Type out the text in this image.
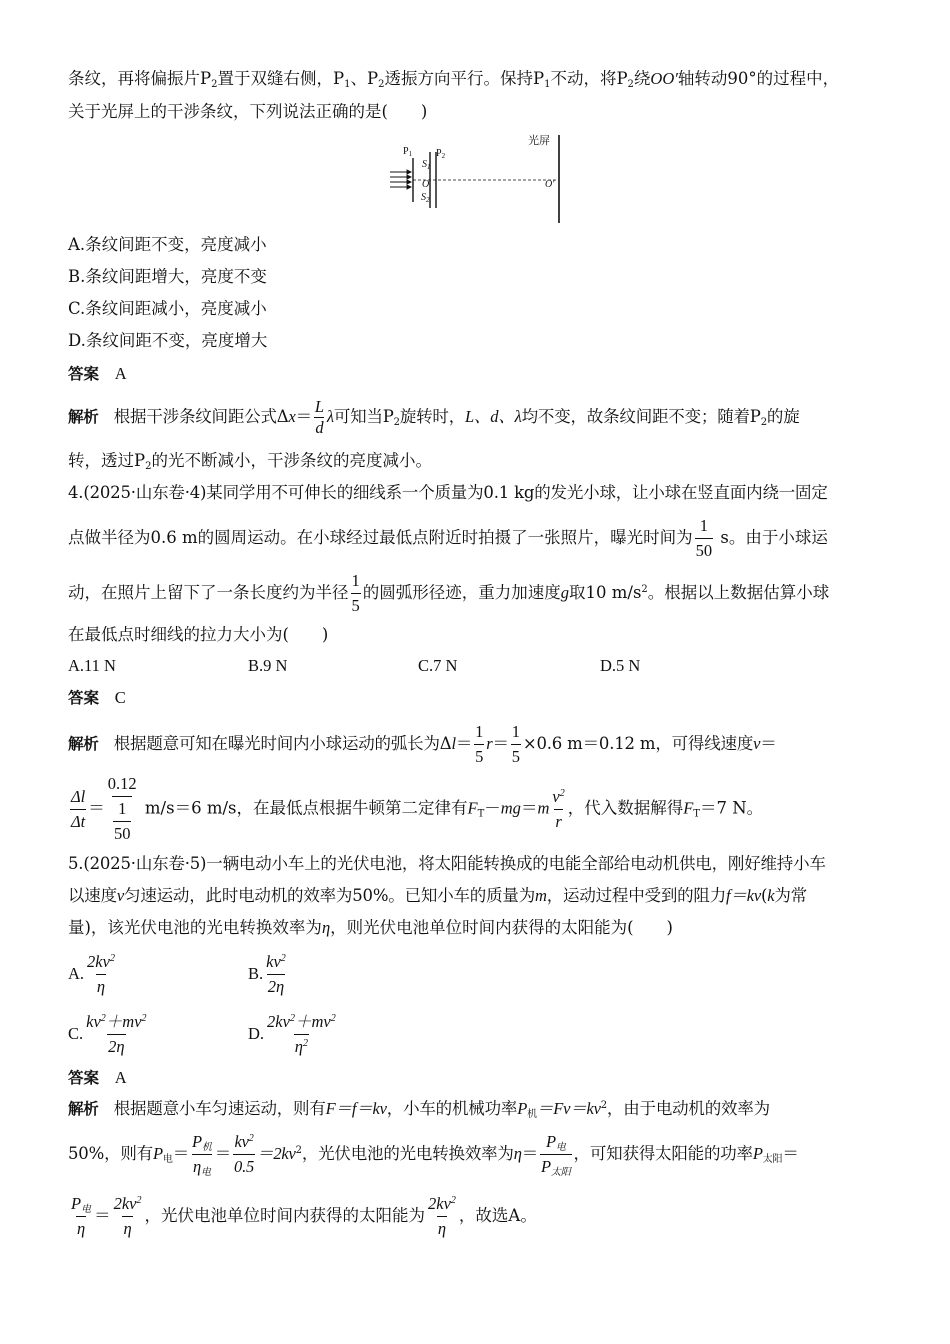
条纹，再将偏振片$P_2$置于双缝右侧，$P_1$、$P_2$透振方向平行。保持$P_1$不动，将$P_2$绕OO′轴转动90°的过程中，
关于光屏上的干涉条纹，下列说法正确的是(　　)
光屏
$P_1$ $P_2$
$S_1$
O
$S_2$
O′
A.条纹间距不变，亮度减小
B.条纹间距增大，亮度不变
C.条纹间距减小，亮度减小
D.条纹间距不变，亮度增大
答案 A
解析 根据干涉条纹间距公式$\Delta x= \frac{L}{d}$ λ可知当$P_2$旋转时，L、d、λ均不变，故条纹间距不变；随着$P_2$的旋
转，透过$P_2$的光不断减小，干涉条纹的亮度减小。
4.(2025·山东卷·4)某同学用不可伸长的细线系一个质量为0.1 kg的发光小球，让小球在竖直面内绕一固定
点做半径为0.6 m的圆周运动。在小球经过最低点附近时拍摄了一张照片，曝光时间为 $\frac{1}{50}$ s。由于小球运
动，在照片上留下了一条长度约为半径 $\frac{1}{5}$ 的圆弧形径迹，重力加速度g取10 $m/s^2$。根据以上数据估算小球
在最低点时细线的拉力大小为(　　)
A.11 N	B.9 N	C.7 N	D.5 N
答案 C
解析 根据题意可知在曝光时间内小球运动的弧长为$\Delta l= \frac{1}{5} r= \frac{1}{5} \times 0.6$ m＝0.12 m，可得线速度v＝
$\frac{\Delta l}{\Delta t} = \frac{0.12}{\frac{1}{50}} m/s=6$ m/s，在最低点根据牛顿第二定律有$F_T-mg=m \frac{v^2}{r}$ ，代入数据解得$F_T=7$ N。
5.(2025·山东卷·5)一辆电动小车上的光伏电池，将太阳能转换成的电能全部给电动机供电，刚好维持小车
以速度v匀速运动，此时电动机的效率为50%。已知小车的质量为m，运动过程中受到的阻力f＝kv(k为常
量)，该光伏电池的光电转换效率为η，则光伏电池单位时间内获得的太阳能为(　　)
A. $\frac{2kv^2}{\eta}$	B. $\frac{kv^2}{2\eta}$
C. $\frac{kv^2+mv^2}{2\eta}$	D. $\frac{2kv^2+mv^2}{\eta^2}$
答案 A
解析 根据题意小车匀速运动，则有F＝f＝kv，小车的机械功率$P_机=Fv=kv^2$，由于电动机的效率为
50%，则有$P_电= \frac{P_机}{\eta_电} = \frac{kv^2}{0.5} =2kv^2$，光伏电池的光电转换效率为$\eta= \frac{P_电}{P_{太阳}}$ ，可知获得太阳能的功率$P_{太阳}=$
$\frac{P_电}{\eta} = \frac{2kv^2}{\eta}$ ，光伏电池单位时间内获得的太阳能为 $\frac{2kv^2}{\eta}$ ，故选A。
